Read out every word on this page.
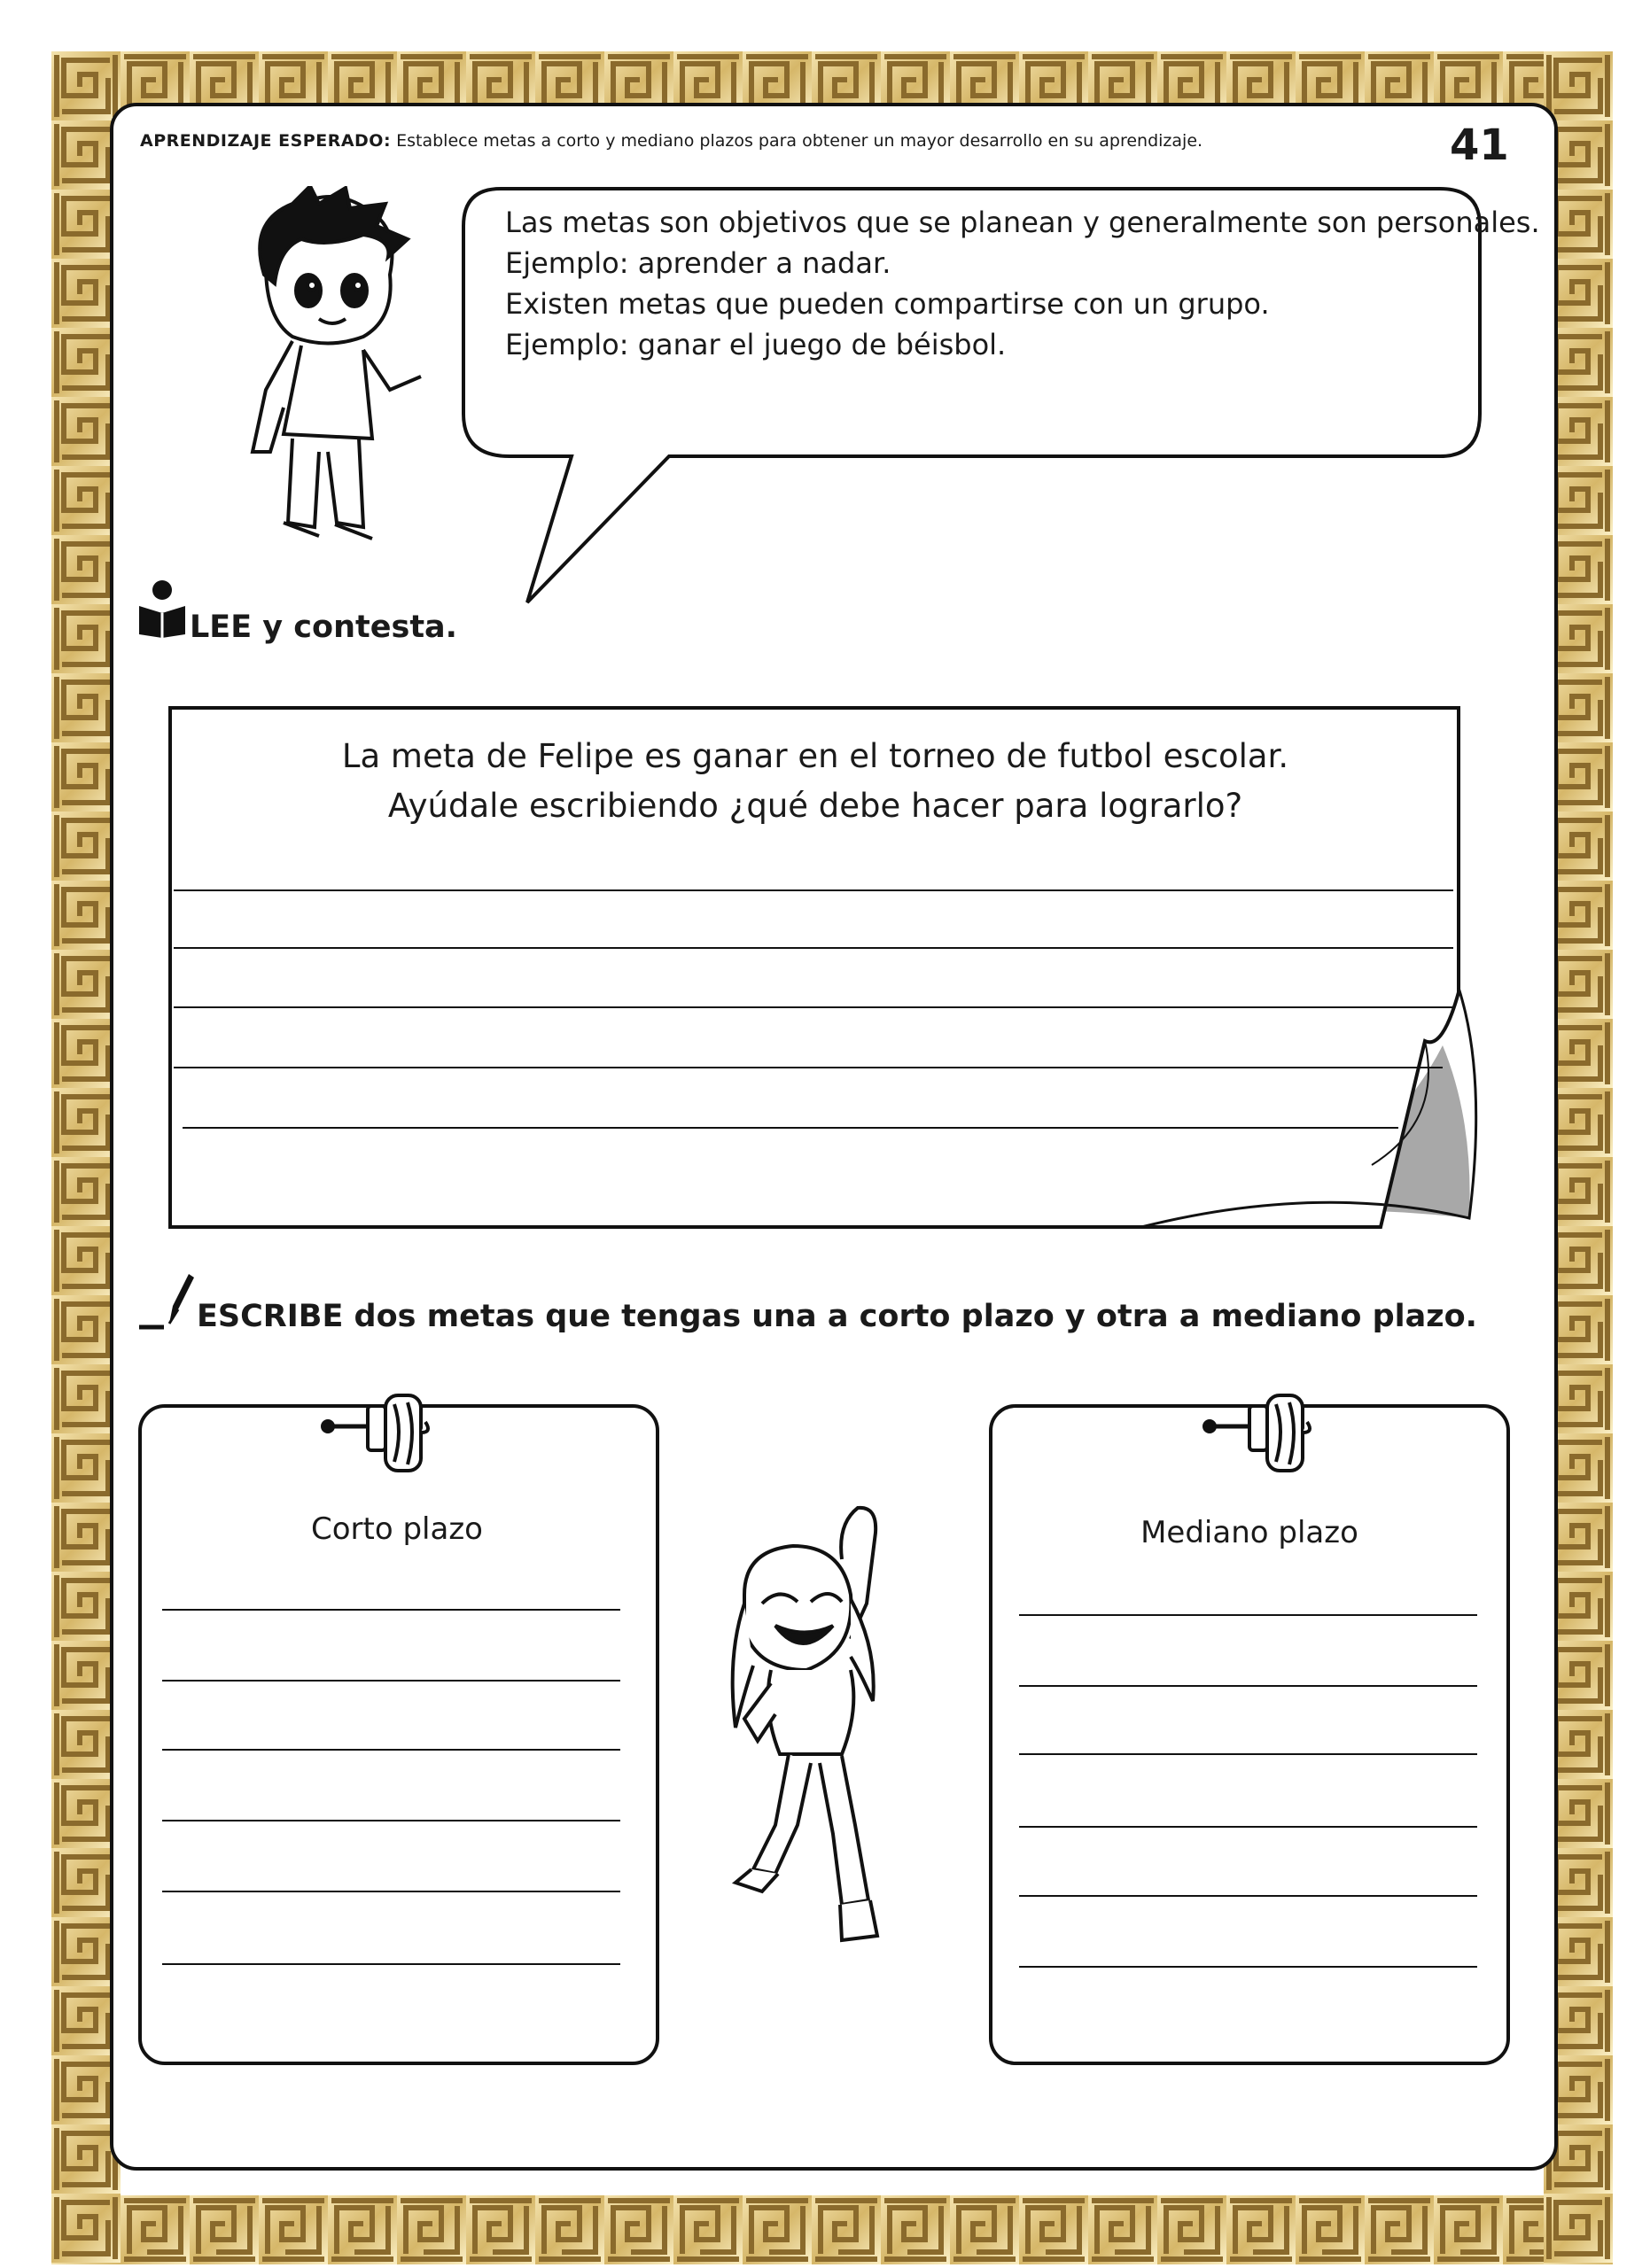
APRENDIZAJE ESPERADO: Establece metas a corto y mediano plazos para obtener un mayor desarrollo en su aprendizaje.	41
Las metas son objetivos que se planean y generalmente son personales.
Ejemplo: aprender a nadar.
Existen metas que pueden compartirse con un grupo.
Ejemplo: ganar el juego de béisbol.
LEE y contesta.
La meta de Felipe es ganar en el torneo de futbol escolar.
Ayúdale escribiendo ¿qué debe hacer para lograrlo?
ESCRIBE dos metas que tengas una a corto plazo y otra a mediano plazo.
Corto plazo	Mediano plazo
